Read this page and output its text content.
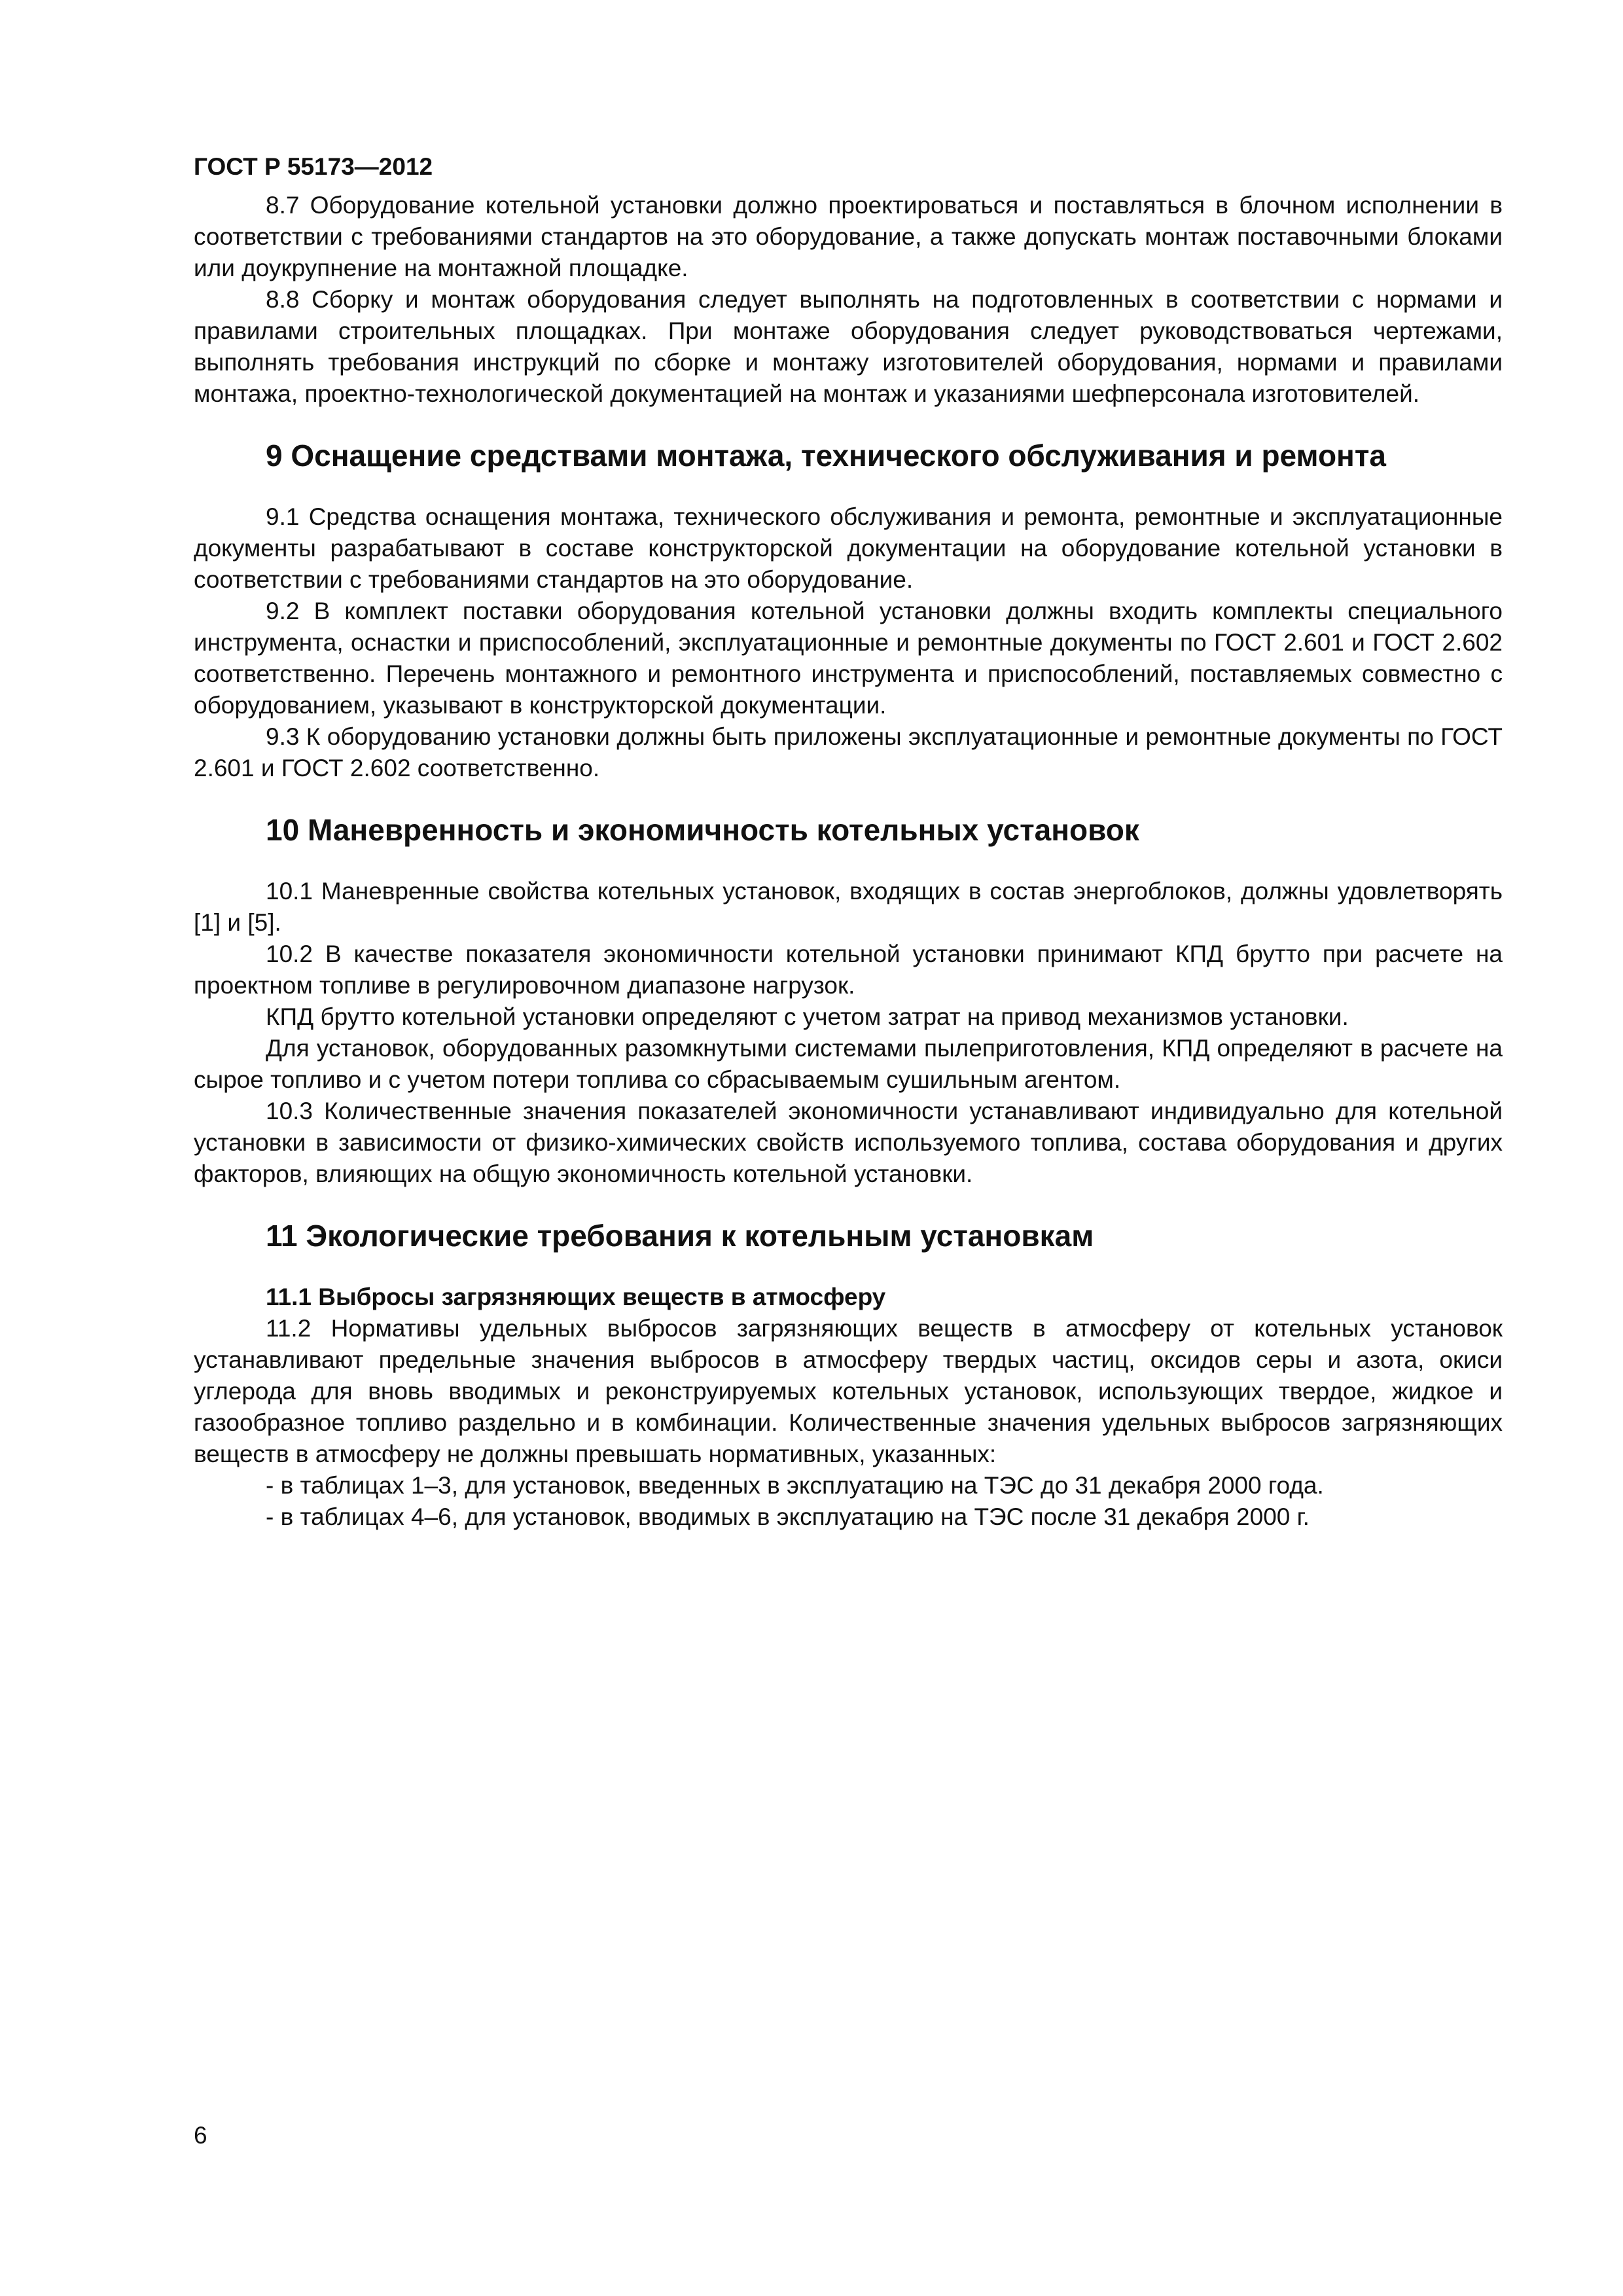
ГОСТ Р 55173—2012

8.7 Оборудование котельной установки должно проектироваться и поставляться в блочном исполнении в соответствии с требованиями стандартов на это оборудование, а также допускать монтаж поставочными блоками или доукрупнение на монтажной площадке.

8.8 Сборку и монтаж оборудования следует выполнять на подготовленных в соответствии с нормами и правилами строительных площадках. При монтаже оборудования следует руководствоваться чертежами, выполнять требования инструкций по сборке и монтажу изготовителей оборудования, нормами и правилами монтажа, проектно-технологической документацией на монтаж и указаниями шефперсонала изготовителей.

9 Оснащение средствами монтажа, технического обслуживания и ремонта

9.1 Средства оснащения монтажа, технического обслуживания и ремонта, ремонтные и эксплуатационные документы разрабатывают в составе конструкторской документации на оборудование котельной установки в соответствии с требованиями стандартов на это оборудование.

9.2 В комплект поставки оборудования котельной установки должны входить комплекты специального инструмента, оснастки и приспособлений, эксплуатационные и ремонтные документы по ГОСТ 2.601 и ГОСТ 2.602 соответственно. Перечень монтажного и ремонтного инструмента и приспособлений, поставляемых совместно с оборудованием, указывают в конструкторской документации.

9.3 К оборудованию установки должны быть приложены эксплуатационные и ремонтные документы по ГОСТ 2.601 и ГОСТ 2.602 соответственно.

10 Маневренность и экономичность котельных установок

10.1 Маневренные свойства котельных установок, входящих в состав энергоблоков, должны удовлетворять [1] и [5].

10.2 В качестве показателя экономичности котельной установки принимают КПД брутто при расчете на проектном топливе в регулировочном диапазоне нагрузок.

КПД брутто котельной установки определяют с учетом затрат на привод механизмов установки.

Для установок, оборудованных разомкнутыми системами пылеприготовления, КПД определяют в расчете на сырое топливо и с учетом потери топлива со сбрасываемым сушильным агентом.

10.3 Количественные значения показателей экономичности устанавливают индивидуально для котельной установки в зависимости от физико-химических свойств используемого топлива, состава оборудования и других факторов, влияющих на общую экономичность котельной установки.

11 Экологические требования к котельным установкам
11.1 Выбросы загрязняющих веществ в атмосферу

11.2 Нормативы удельных выбросов загрязняющих веществ в атмосферу от котельных установок устанавливают предельные значения выбросов в атмосферу твердых частиц, оксидов серы и азота, окиси углерода для вновь вводимых и реконструируемых котельных установок, использующих твердое, жидкое и газообразное топливо раздельно и в комбинации. Количественные значения удельных выбросов загрязняющих веществ в атмосферу не должны превышать нормативных, указанных:

- в таблицах 1–3, для установок, введенных в эксплуатацию на ТЭС до 31 декабря 2000 года.
- в таблицах 4–6, для установок, вводимых в эксплуатацию на ТЭС после 31 декабря 2000 г.
6
